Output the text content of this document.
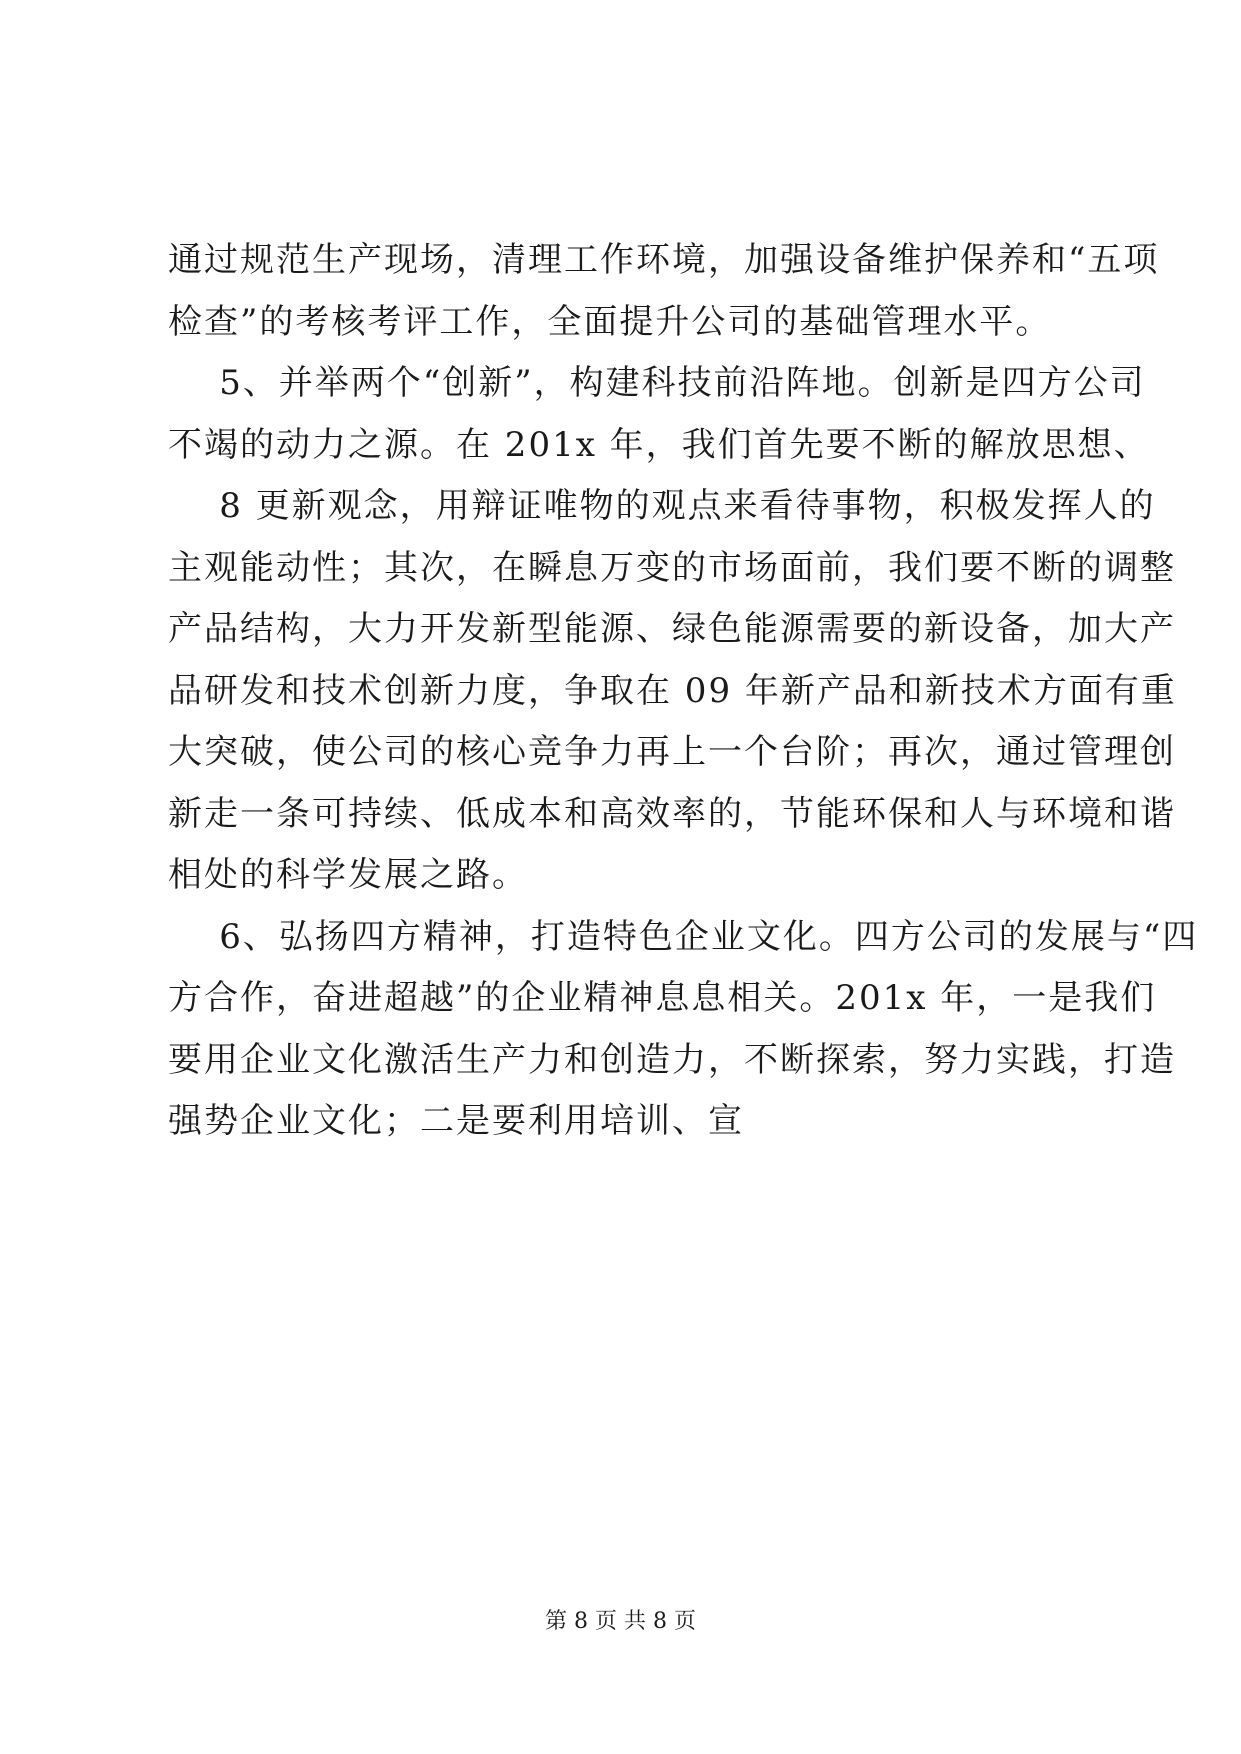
通过规范生产现场，清理工作环境，加强设备维护保养和“五项
检查”的考核考评工作，全面提升公司的基础管理水平。
5、并举两个“创新”，构建科技前沿阵地。创新是四方公司
不竭的动力之源。在 201x 年，我们首先要不断的解放思想、
8 更新观念，用辩证唯物的观点来看待事物，积极发挥人的
主观能动性；其次，在瞬息万变的市场面前，我们要不断的调整
产品结构，大力开发新型能源、绿色能源需要的新设备，加大产
品研发和技术创新力度，争取在 09 年新产品和新技术方面有重
大突破，使公司的核心竞争力再上一个台阶；再次，通过管理创
新走一条可持续、低成本和高效率的，节能环保和人与环境和谐
相处的科学发展之路。
6、弘扬四方精神，打造特色企业文化。四方公司的发展与“四
方合作，奋进超越”的企业精神息息相关。201x 年，一是我们
要用企业文化激活生产力和创造力，不断探索，努力实践，打造
强势企业文化；二是要利用培训、宣
第 8 页 共 8 页
